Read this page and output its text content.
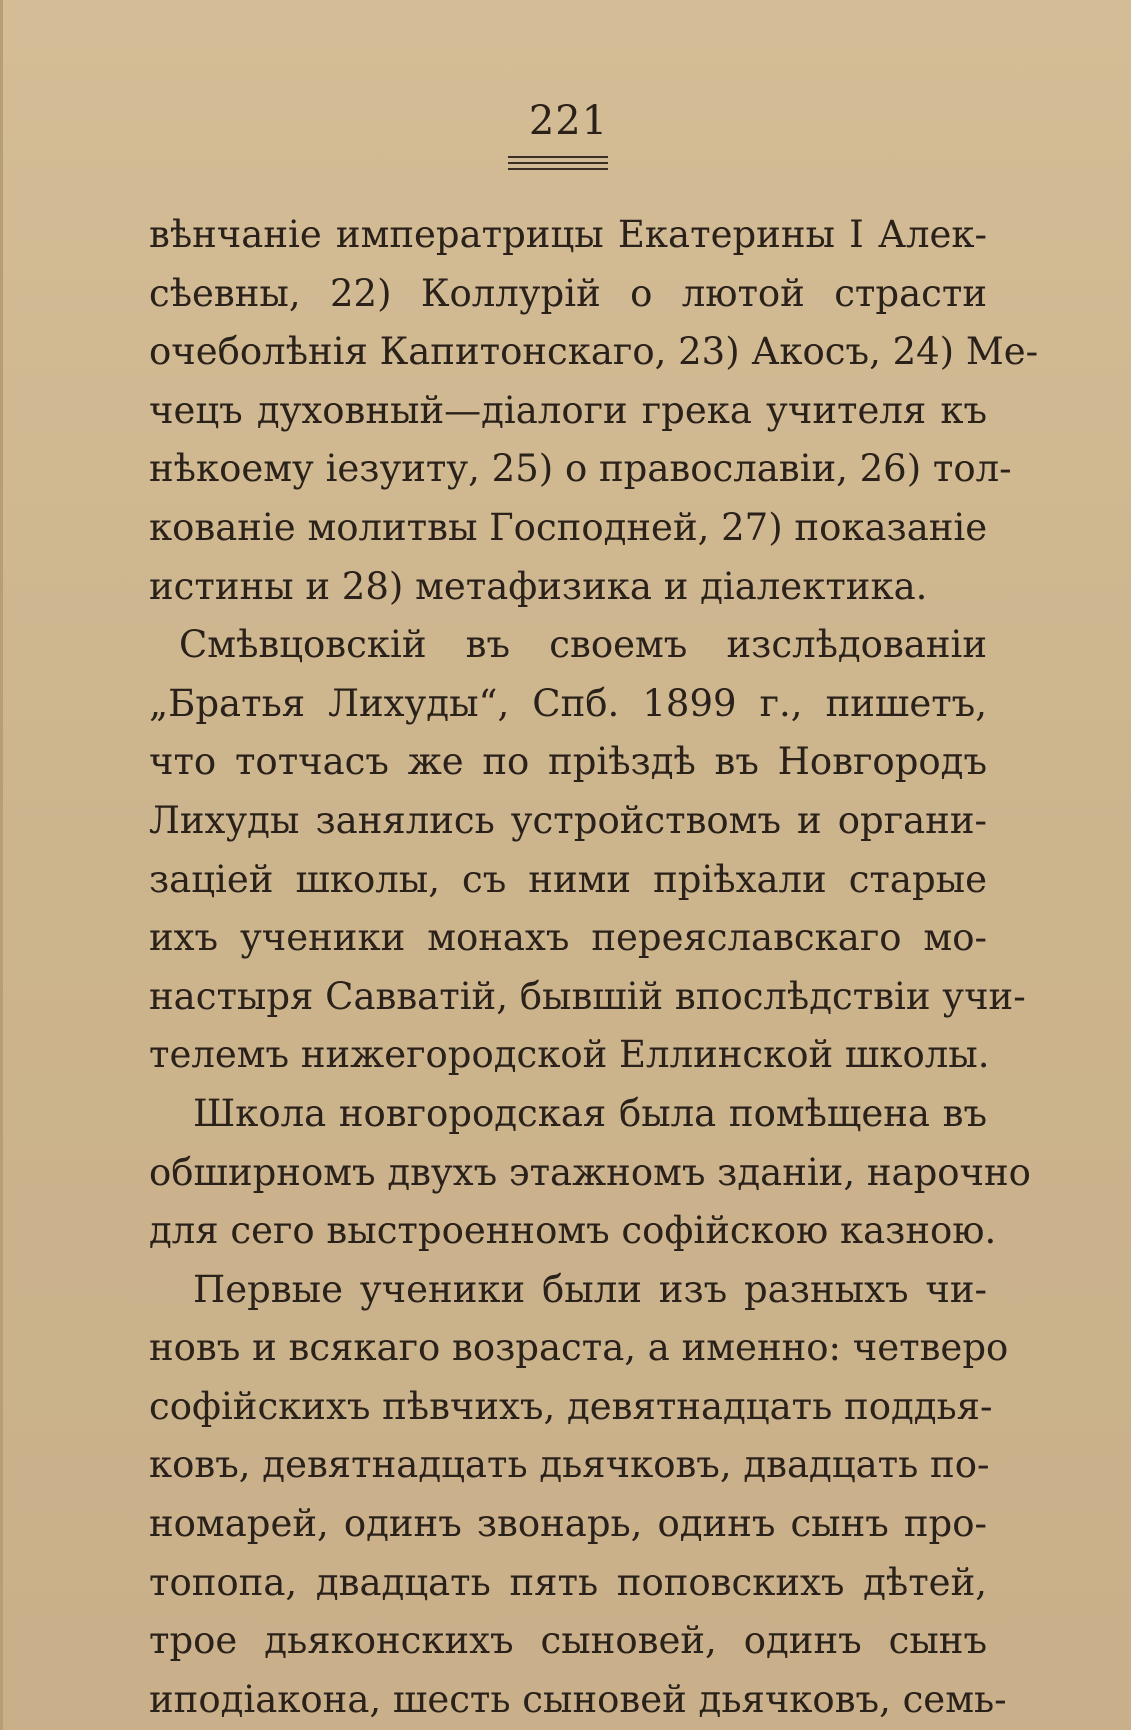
221
вѣнчаніе императрицы Екатерины I Алек-
сѣевны, 22) Коллурій о лютой страсти
очеболѣнія Капитонскаго, 23) Акосъ, 24) Ме-
чецъ духовный—діалоги грека учителя къ
нѣкоему іезуиту, 25) о православіи, 26) тол-
кованіе молитвы Господней, 27) показаніе
истины и 28) метафизика и діалектика.
Смѣвцовскій въ своемъ изслѣдованіи
„Братья Лихуды“, Спб. 1899 г., пишетъ,
что тотчасъ же по пріѣздѣ въ Новгородъ
Лихуды занялись устройствомъ и органи-
заціей школы, съ ними пріѣхали старые
ихъ ученики монахъ переяславскаго мо-
настыря Савватій, бывшій впослѣдствіи учи-
телемъ нижегородской Еллинской школы.
Школа новгородская была помѣщена въ
обширномъ двухъ этажномъ зданіи, нарочно
для сего выстроенномъ софійскою казною.
Первые ученики были изъ разныхъ чи-
новъ и всякаго возраста, а именно: четверо
софійскихъ пѣвчихъ, девятнадцать поддья-
ковъ, девятнадцать дьячковъ, двадцать по-
номарей, одинъ звонарь, одинъ сынъ про-
топопа, двадцать пять поповскихъ дѣтей,
трое дьяконскихъ сыновей, одинъ сынъ
иподіакона, шесть сыновей дьячковъ, семь-
